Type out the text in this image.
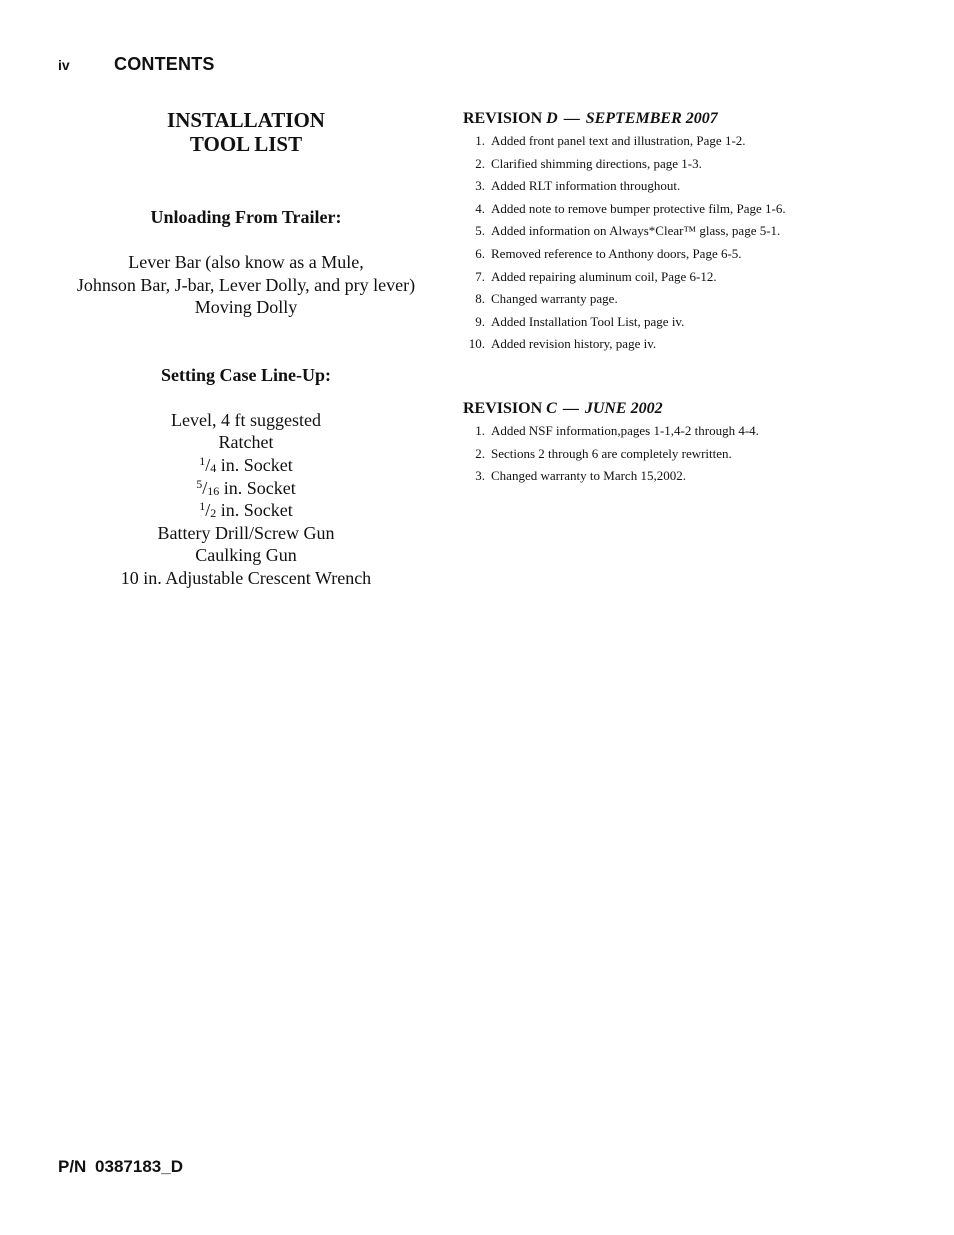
iv	CONTENTS

INSTALLATION

TOOL LIST

Unloading From Trailer:

Lever Bar (also know as a Mule,

Johnson Bar, J-bar, Lever Dolly, and pry lever)

Moving Dolly

Setting Case Line-Up:

Level, 4 ft suggested

Ratchet

$^1/_4$ in. Socket

$^5/_{16}$ in. Socket

$^1/_2$ in. Socket

Battery Drill/Screw Gun

Caulking Gun

10 in. Adjustable Crescent Wrench

REVISION D — SEPTEMBER 2007

1. Added front panel text and illustration, Page 1-2.
2. Clarified shimming directions, page 1-3.
3. Added RLT information throughout.
4. Added note to remove bumper protective film, Page 1-6.
5. Added information on Always*Clear™ glass, page 5-1.
6. Removed reference to Anthony doors, Page 6-5.
7. Added repairing aluminum coil, Page 6-12.
8. Changed warranty page.
9. Added Installation Tool List, page iv.
10. Added revision history, page iv.

REVISION C — JUNE 2002

1. Added NSF information,pages 1-1,4-2 through 4-4.
2. Sections 2 through 6 are completely rewritten.
3. Changed warranty to March 15,2002.
P/N 0387183_D
